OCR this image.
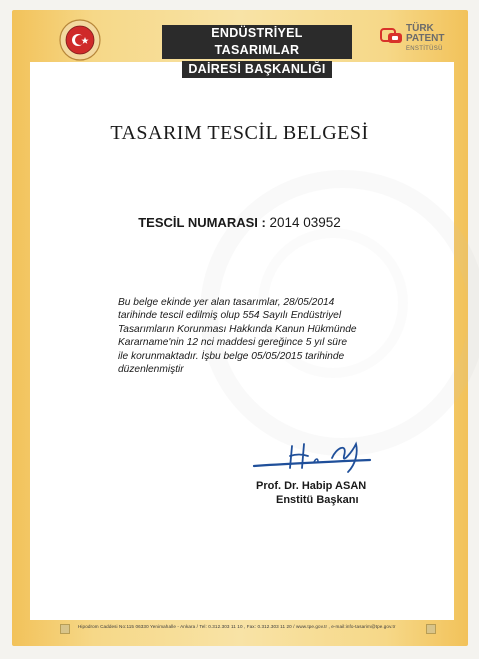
ENDÜSTRİYEL TASARIMLAR
DAİRESİ BAŞKANLIĞI
TÜRK
PATENT
ENSTİTÜSÜ
TASARIM TESCİL BELGESİ
TESCİL NUMARASI : 2014 03952
Bu belge ekinde yer alan tasarımlar, 28/05/2014
tarihinde tescil edilmiş olup 554 Sayılı Endüstriyel
Tasarımların Korunması Hakkında Kanun Hükmünde
Kararname'nin 12 nci maddesi gereğince 5 yıl süre
ile korunmaktadır. İşbu belge 05/05/2015 tarihinde
düzenlenmiştir
Prof. Dr. Habip ASAN
Enstitü Başkanı
Hipodrom Caddesi No:115 06330 Yenimahalle - Ankara / Tel: 0.312.303 11 10 , Fax: 0.312.303 11 20 / www.tpe.gov.tr , e-mail:info-tasarim@tpe.gov.tr
